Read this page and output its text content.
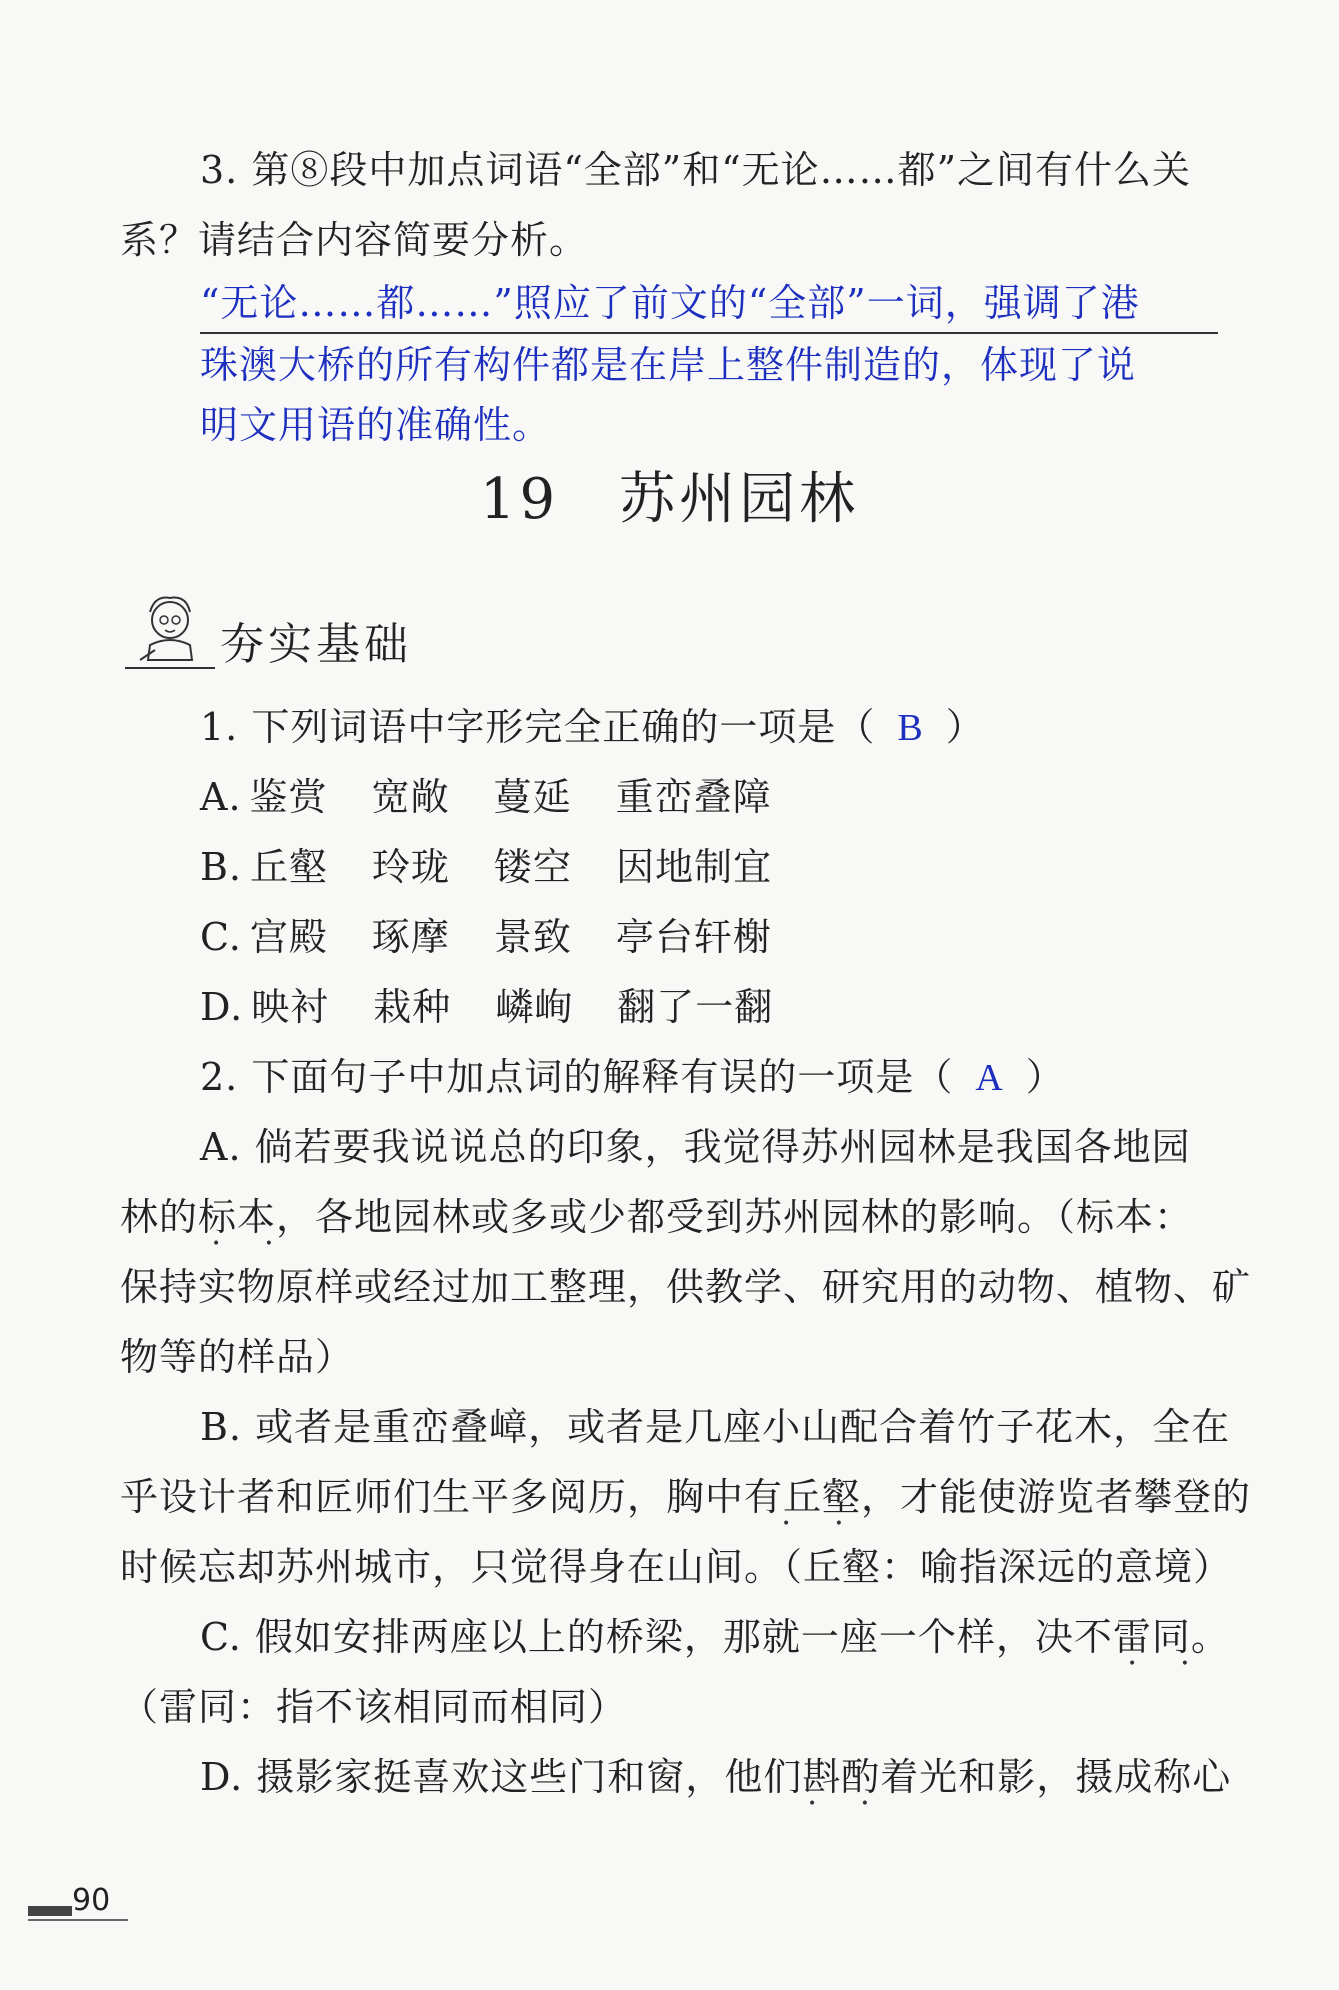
3. 第⑧段中加点词语“全部”和“无论……都”之间有什么关
系？请结合内容简要分析。
“无论……都……”照应了前文的“全部”一词，强调了港
珠澳大桥的所有构件都是在岸上整件制造的，体现了说
明文用语的准确性。
19 苏州园林
夯实基础
1. 下列词语中字形完全正确的一项是（ B ）
A. 鉴赏 宽敞 蔓延 重峦叠障
B. 丘壑 玲珑 镂空 因地制宜
C. 宫殿 琢摩 景致 亭台轩榭
D. 映衬 栽种 嶙峋 翻了一翻
2. 下面句子中加点词的解释有误的一项是（ A ）
A. 倘若要我说说总的印象，我觉得苏州园林是我国各地园
林的标本，各地园林或多或少都受到苏州园林的影响。（标本：
保持实物原样或经过加工整理，供教学、研究用的动物、植物、矿
物等的样品）
B. 或者是重峦叠嶂，或者是几座小山配合着竹子花木，全在
乎设计者和匠师们生平多阅历，胸中有丘壑，才能使游览者攀登的
时候忘却苏州城市，只觉得身在山间。（丘壑：喻指深远的意境）
C. 假如安排两座以上的桥梁，那就一座一个样，决不雷同。
（雷同：指不该相同而相同）
D. 摄影家挺喜欢这些门和窗，他们斟酌着光和影，摄成称心
• •
• •
• •
• •
90
